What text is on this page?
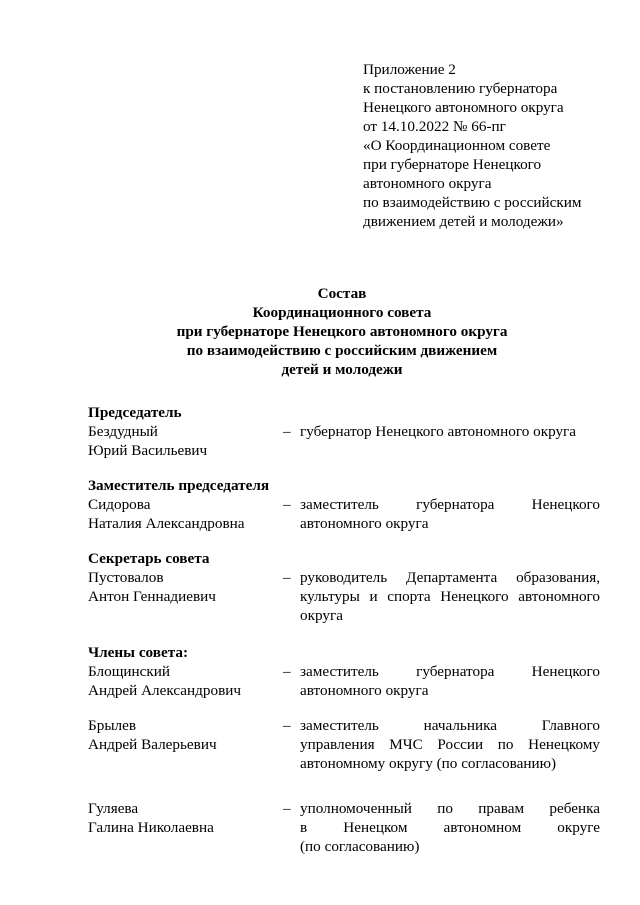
Приложение 2
к постановлению губернатора
Ненецкого автономного округа
от 14.10.2022 № 66-пг
«О Координационном совете
при губернаторе Ненецкого
автономного округа
по взаимодействию с российским
движением детей и молодежи»
Состав
Координационного совета
при губернаторе Ненецкого автономного округа
по взаимодействию с российским движением
детей и молодежи
Председатель
Бездудный
Юрий Васильевич
– губернатор Ненецкого автономного округа
Заместитель председателя
Сидорова
Наталия Александровна
– заместитель губернатора Ненецкого
автономного округа
Секретарь совета
Пустовалов
Антон Геннадиевич
– руководитель Департамента образования,
культуры и спорта Ненецкого автономного
округа
Члены совета:
Блощинский
Андрей Александрович
– заместитель губернатора Ненецкого
автономного округа
Брылев
Андрей Валерьевич
– заместитель начальника Главного
управления МЧС России по Ненецкому
автономному округу (по согласованию)
Гуляева
Галина Николаевна
– уполномоченный по правам ребенка
в Ненецком автономном округе
(по согласованию)
